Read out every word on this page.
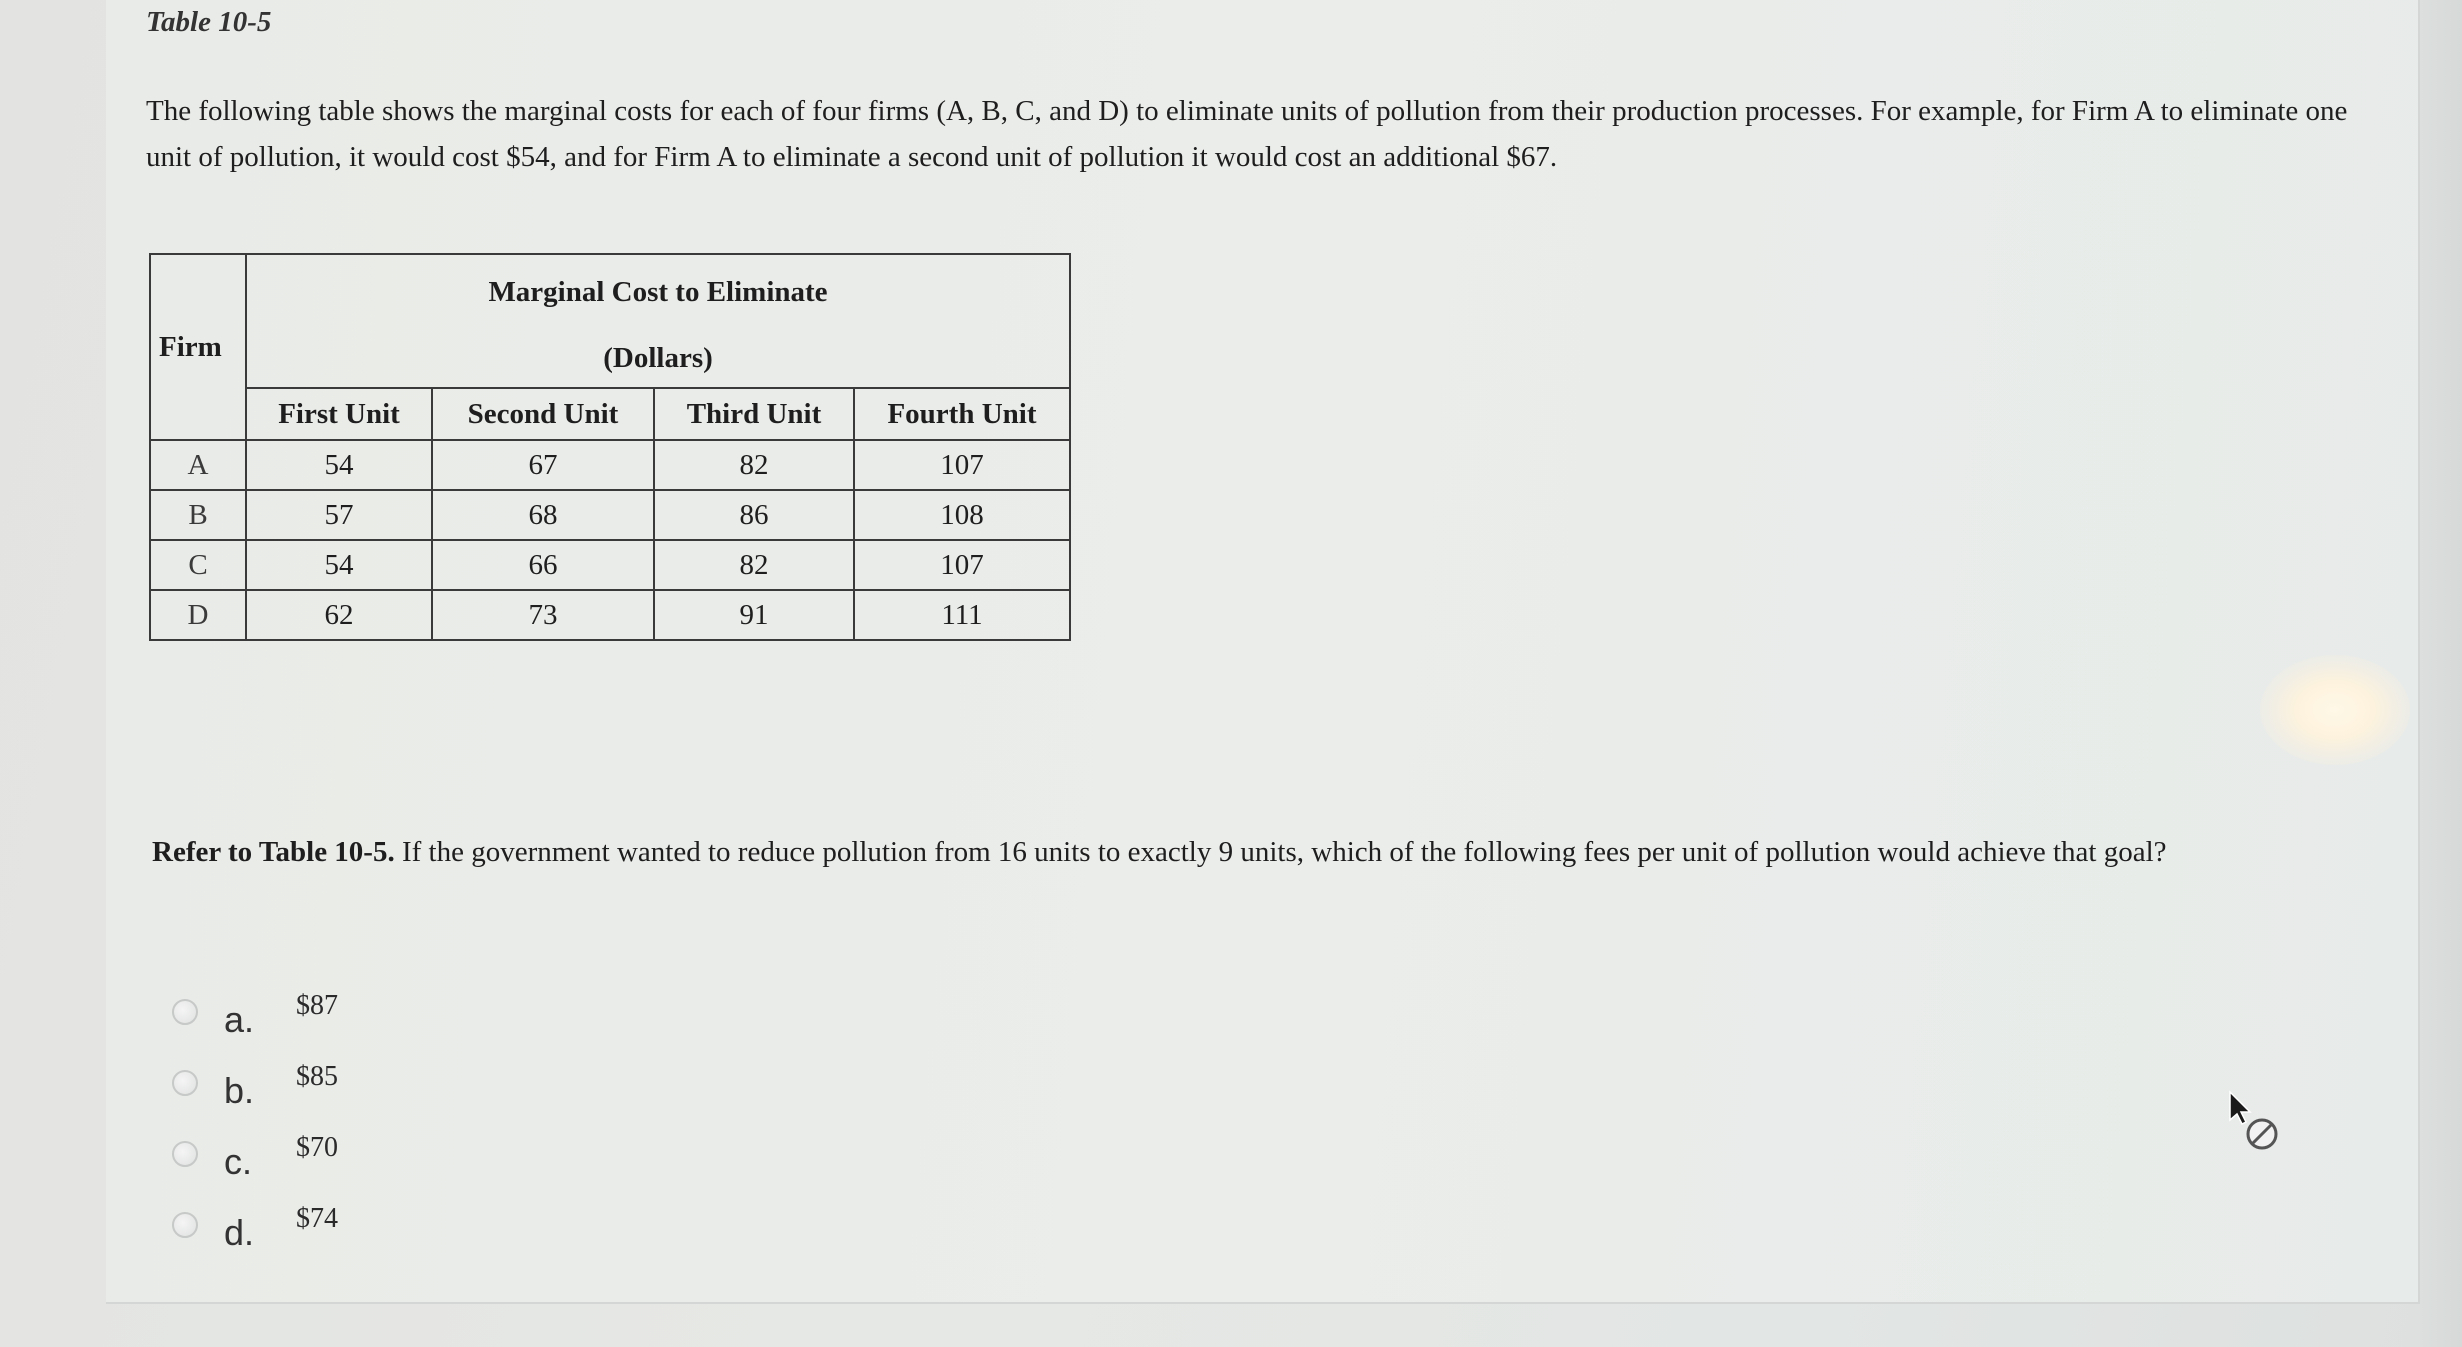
Table 10-5
The following table shows the marginal costs for each of four firms (A, B, C, and D) to eliminate units of pollution from their production processes. For example, for Firm A to eliminate one unit of pollution, it would cost $54, and for Firm A to eliminate a second unit of pollution it would cost an additional $67.
Firm	Marginal Cost to Eliminate
(Dollars)			

	First Unit	Second Unit	Third Unit	Fourth Unit
A	54	67	82	107
B	57	68	86	108
C	54	66	82	107
D	62	73	91	111
Refer to Table 10-5. If the government wanted to reduce pollution from 16 units to exactly 9 units, which of the following fees per unit of pollution would achieve that goal?
a.	$87
b.	$85
c.	$70
d.	$74
